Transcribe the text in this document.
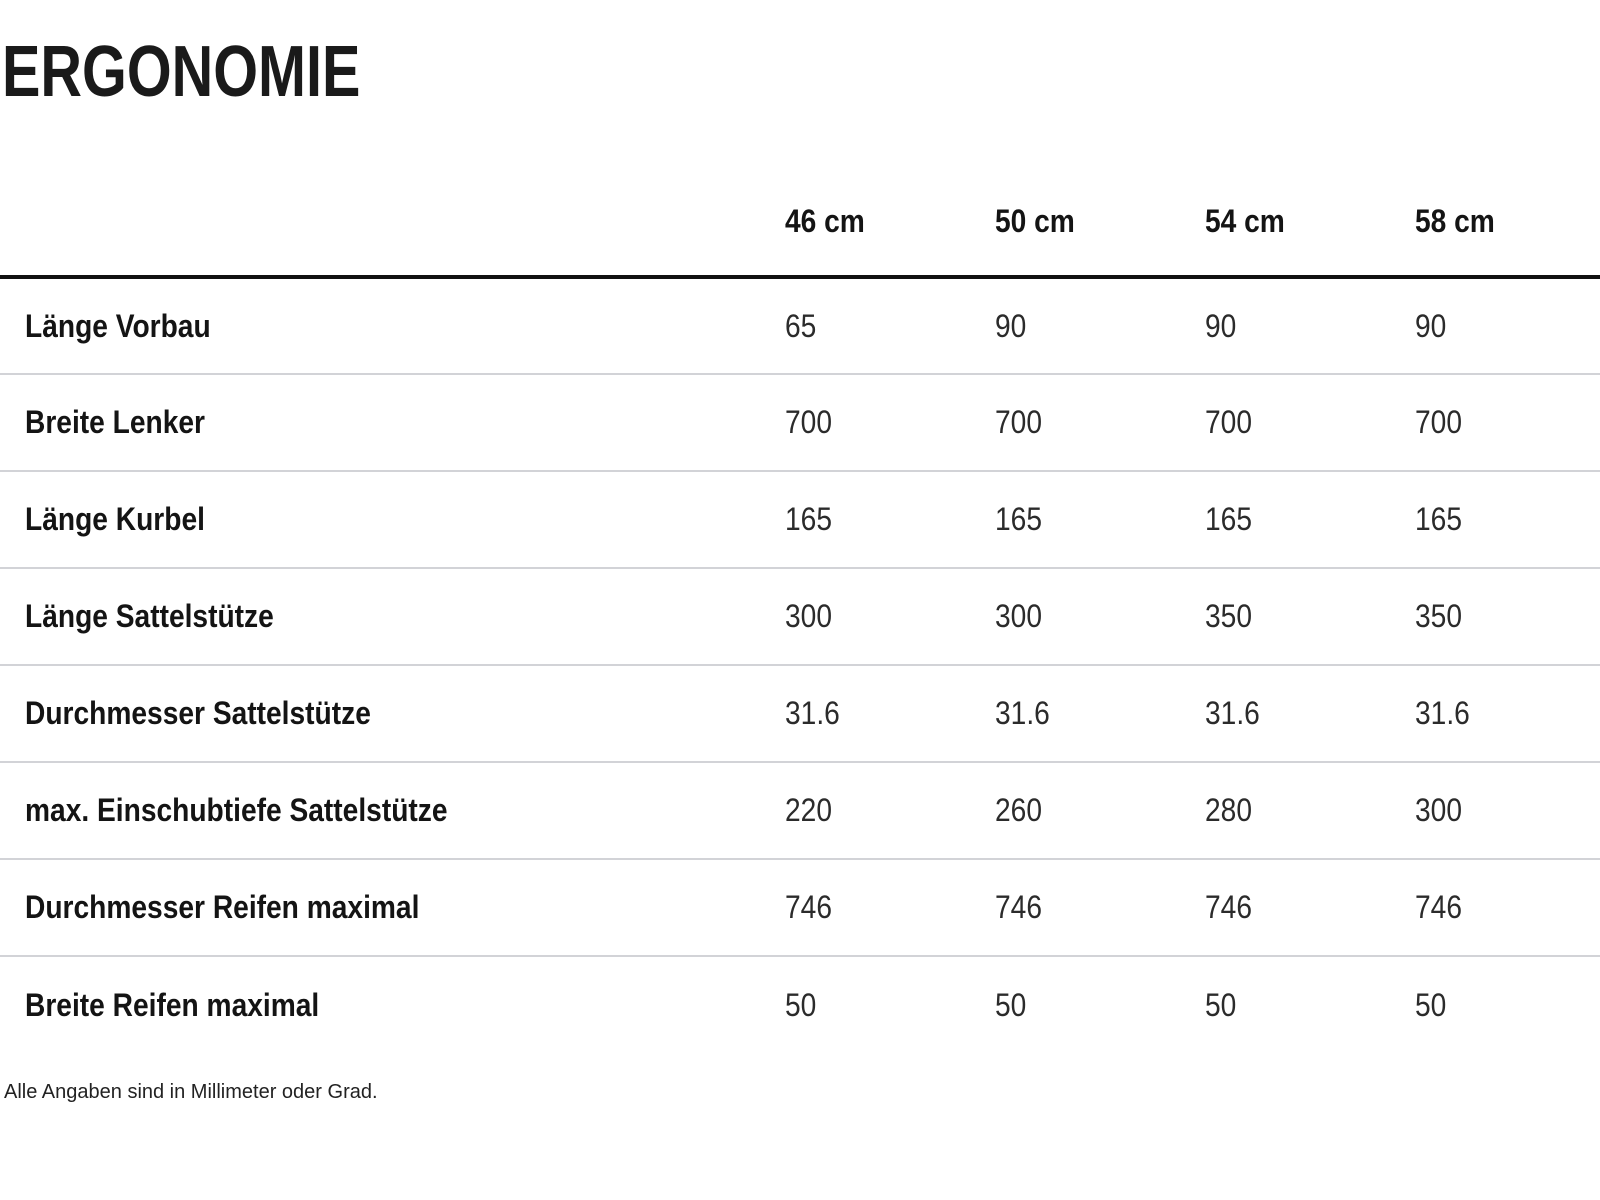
ERGONOMIE
	46 cm	50 cm	54 cm	58 cm
Länge Vorbau	65	90	90	90
Breite Lenker	700	700	700	700
Länge Kurbel	165	165	165	165
Länge Sattelstütze	300	300	350	350
Durchmesser Sattelstütze	31.6	31.6	31.6	31.6
max. Einschubtiefe Sattelstütze	220	260	280	300
Durchmesser Reifen maximal	746	746	746	746
Breite Reifen maximal	50	50	50	50

Alle Angaben sind in Millimeter oder Grad.
